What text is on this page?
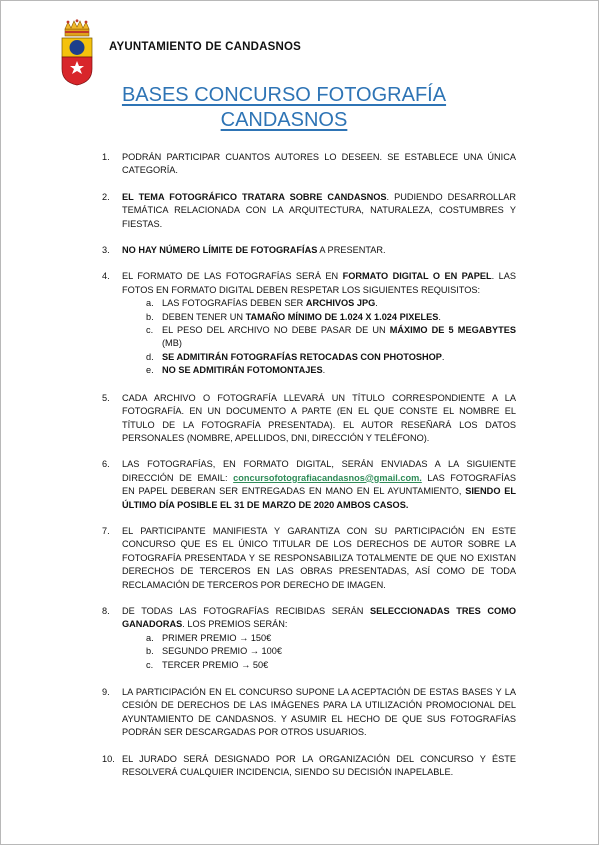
AYUNTAMIENTO DE CANDASNOS
BASES CONCURSO FOTOGRAFÍA
CANDASNOS
1. PODRÁN PARTICIPAR CUANTOS AUTORES LO DESEEN. SE ESTABLECE UNA ÚNICA CATEGORÍA.
2. EL TEMA FOTOGRÁFICO TRATARA SOBRE CANDASNOS. PUDIENDO DESARROLLAR TEMÁTICA RELACIONADA CON LA ARQUITECTURA, NATURALEZA, COSTUMBRES Y FIESTAS.
3. NO HAY NÚMERO LÍMITE DE FOTOGRAFÍAS A PRESENTAR.
4. EL FORMATO DE LAS FOTOGRAFÍAS SERÁ EN FORMATO DIGITAL O EN PAPEL. LAS FOTOS EN FORMATO DIGITAL DEBEN RESPETAR LOS SIGUIENTES REQUISITOS:
a. LAS FOTOGRAFÍAS DEBEN SER ARCHIVOS JPG.
b. DEBEN TENER UN TAMAÑO MÍNIMO DE 1.024 X 1.024 PIXELES.
c. EL PESO DEL ARCHIVO NO DEBE PASAR DE UN MÁXIMO DE 5 MEGABYTES (MB)
d. SE ADMITIRÁN FOTOGRAFÍAS RETOCADAS CON PHOTOSHOP.
e. NO SE ADMITIRÁN FOTOMONTAJES.
5. CADA ARCHIVO O FOTOGRAFÍA LLEVARÁ UN TÍTULO CORRESPONDIENTE A LA FOTOGRAFÍA. EN UN DOCUMENTO A PARTE (EN EL QUE CONSTE EL NOMBRE EL TÍTULO DE LA FOTOGRAFÍA PRESENTADA). EL AUTOR RESEÑARÁ LOS DATOS PERSONALES (NOMBRE, APELLIDOS, DNI, DIRECCIÓN Y TELÉFONO).
6. LAS FOTOGRAFÍAS, EN FORMATO DIGITAL, SERÁN ENVIADAS A LA SIGUIENTE DIRECCIÓN DE EMAIL: concursofotografiacandasnos@gmail.com. LAS FOTOGRAFÍAS EN PAPEL DEBERAN SER ENTREGADAS EN MANO EN EL AYUNTAMIENTO, SIENDO EL ÚLTIMO DÍA POSIBLE EL 31 DE MARZO DE 2020 AMBOS CASOS.
7. EL PARTICIPANTE MANIFIESTA Y GARANTIZA CON SU PARTICIPACIÓN EN ESTE CONCURSO QUE ES EL ÚNICO TITULAR DE LOS DERECHOS DE AUTOR SOBRE LA FOTOGRAFÍA PRESENTADA Y SE RESPONSABILIZA TOTALMENTE DE QUE NO EXISTAN DERECHOS DE TERCEROS EN LAS OBRAS PRESENTADAS, ASÍ COMO DE TODA RECLAMACIÓN DE TERCEROS POR DERECHO DE IMAGEN.
8. DE TODAS LAS FOTOGRAFÍAS RECIBIDAS SERÁN SELECCIONADAS TRES COMO GANADORAS. LOS PREMIOS SERÁN:
a. PRIMER PREMIO → 150€
b. SEGUNDO PREMIO → 100€
c. TERCER PREMIO → 50€
9. LA PARTICIPACIÓN EN EL CONCURSO SUPONE LA ACEPTACIÓN DE ESTAS BASES Y LA CESIÓN DE DERECHOS DE LAS IMÁGENES PARA LA UTILIZACIÓN PROMOCIONAL DEL AYUNTAMIENTO DE CANDASNOS. Y ASUMIR EL HECHO DE QUE SUS FOTOGRAFÍAS PODRÁN SER DESCARGADAS POR OTROS USUARIOS.
10. EL JURADO SERÁ DESIGNADO POR LA ORGANIZACIÓN DEL CONCURSO Y ÉSTE RESOLVERÁ CUALQUIER INCIDENCIA, SIENDO SU DECISIÓN INAPELABLE.
